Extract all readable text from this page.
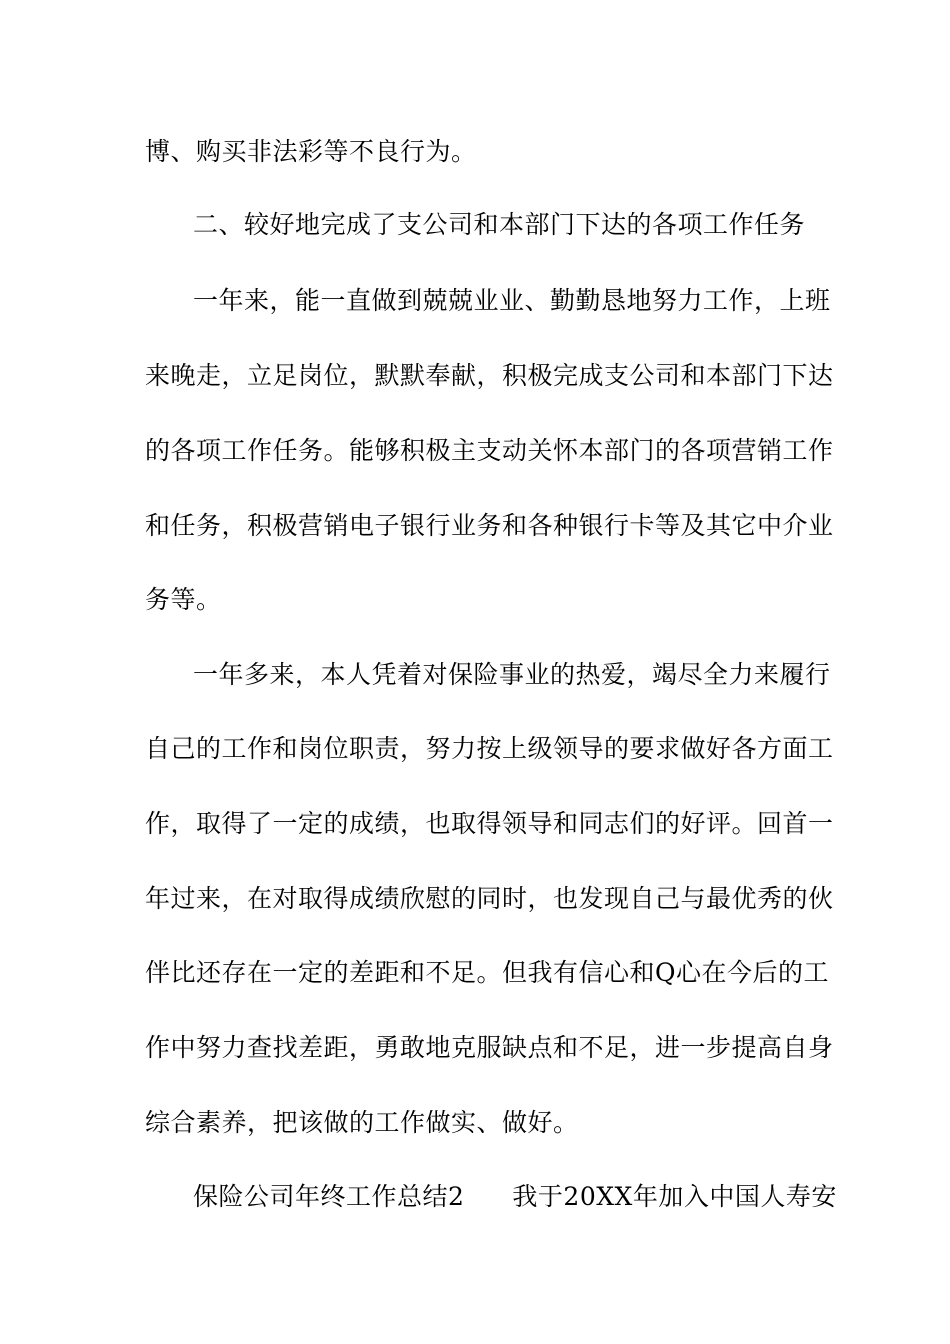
博、购买非法彩等不良行为。
二、较好地完成了支公司和本部门下达的各项工作任务
一年来，能一直做到兢兢业业、勤勤恳地努力工作，上班
来晚走，立足岗位，默默奉献，积极完成支公司和本部门下达
的各项工作任务。能够积极主支动关怀本部门的各项营销工作
和任务，积极营销电子银行业务和各种银行卡等及其它中介业
务等。
一年多来，本人凭着对保险事业的热爱，竭尽全力来履行
自己的工作和岗位职责，努力按上级领导的要求做好各方面工
作，取得了一定的成绩，也取得领导和同志们的好评。回首一
年过来，在对取得成绩欣慰的同时，也发现自己与最优秀的伙
伴比还存在一定的差距和不足。但我有信心和Q心在今后的工
作中努力查找差距，勇敢地克服缺点和不足，进一步提高自身
综合素养，把该做的工作做实、做好。
保险公司年终工作总结2 我于20XX年加入中国人寿安
